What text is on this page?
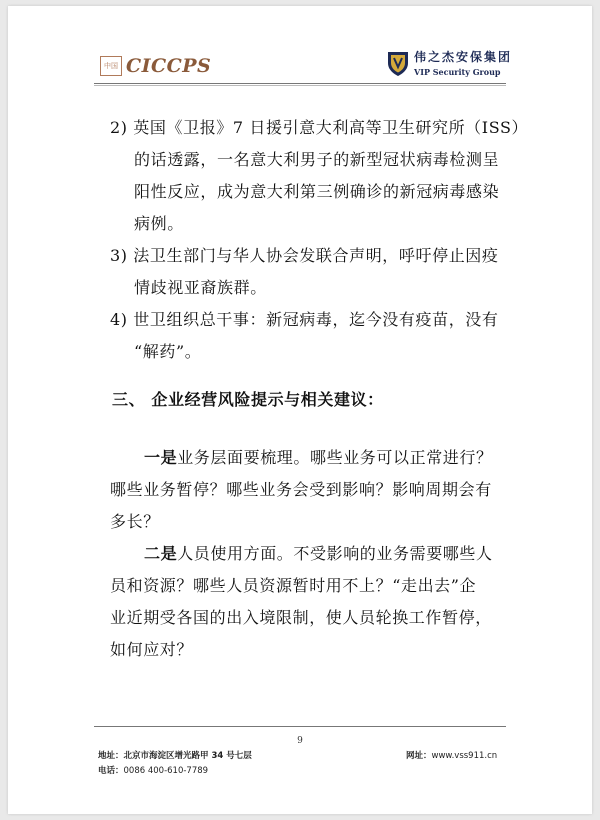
中国 CICCPS	伟之杰安保集团
VIP Security Group
2) 英国《卫报》7 日援引意大利高等卫生研究所（ISS）
的话透露，一名意大利男子的新型冠状病毒检测呈
阳性反应，成为意大利第三例确诊的新冠病毒感染
病例。
3) 法卫生部门与华人协会发联合声明，呼吁停止因疫
情歧视亚裔族群。
4) 世卫组织总干事：新冠病毒，迄今没有疫苗，没有
“解药”。
三、 企业经营风险提示与相关建议：
一是业务层面要梳理。哪些业务可以正常进行？
哪些业务暂停？哪些业务会受到影响？影响周期会有
多长？
二是人员使用方面。不受影响的业务需要哪些人
员和资源？哪些人员资源暂时用不上？“走出去”企
业近期受各国的出入境限制，使人员轮换工作暂停，
如何应对？
9
地址：北京市海淀区增光路甲 34 号七层
电话：0086 400-610-7789
网址：www.vss911.cn
